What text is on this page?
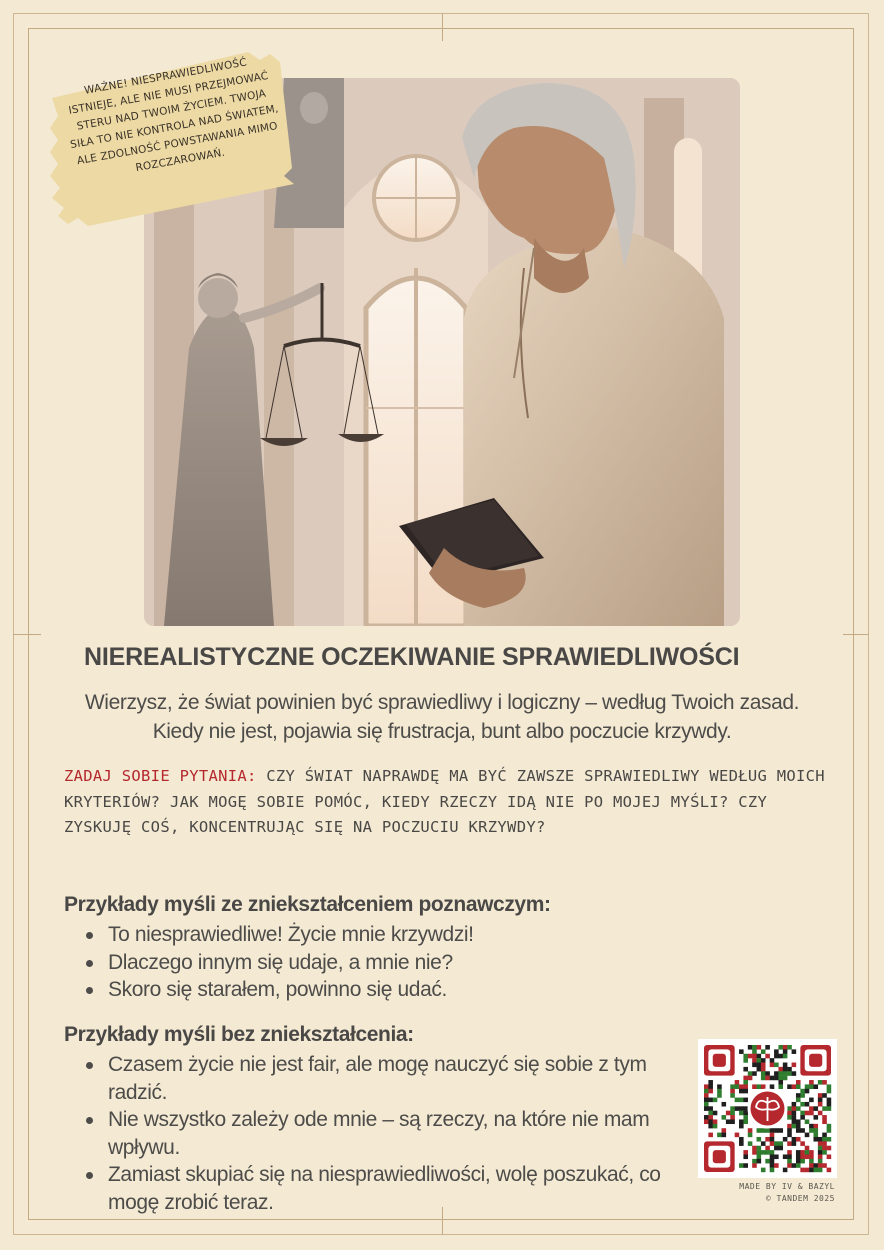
WAŻNE! NIESPRAWIEDLIWOŚĆ ISTNIEJE, ALE NIE MUSI PRZEJMOWAĆ STERU NAD TWOIM ŻYCIEM. TWOJA SIŁA TO NIE KONTROLA NAD ŚWIATEM, ALE ZDOLNOŚĆ POWSTAWANIA MIMO ROZCZAROWAŃ.
NIEREALISTYCZNE OCZEKIWANIE SPRAWIEDLIWOŚCI
Wierzysz, że świat powinien być sprawiedliwy i logiczny – według Twoich zasad. Kiedy nie jest, pojawia się frustracja, bunt albo poczucie krzywdy.
ZADAJ SOBIE PYTANIA: CZY ŚWIAT NAPRAWDĘ MA BYĆ ZAWSZE SPRAWIEDLIWY WEDŁUG MOICH KRYTERIÓW? JAK MOGĘ SOBIE POMÓC, KIEDY RZECZY IDĄ NIE PO MOJEJ MYŚLI? CZY ZYSKUJĘ COŚ, KONCENTRUJĄC SIĘ NA POCZUCIU KRZYWDY?
Przykłady myśli ze zniekształceniem poznawczym:
To niesprawiedliwe! Życie mnie krzywdzi!
Dlaczego innym się udaje, a mnie nie?
Skoro się starałem, powinno się udać.
Przykłady myśli bez zniekształcenia:
Czasem życie nie jest fair, ale mogę nauczyć się sobie z tym radzić.
Nie wszystko zależy ode mnie – są rzeczy, na które nie mam wpływu.
Zamiast skupiać się na niesprawiedliwości, wolę poszukać, co mogę zrobić teraz.
MADE BY IV & BAZYL
© TANDEM 2025
